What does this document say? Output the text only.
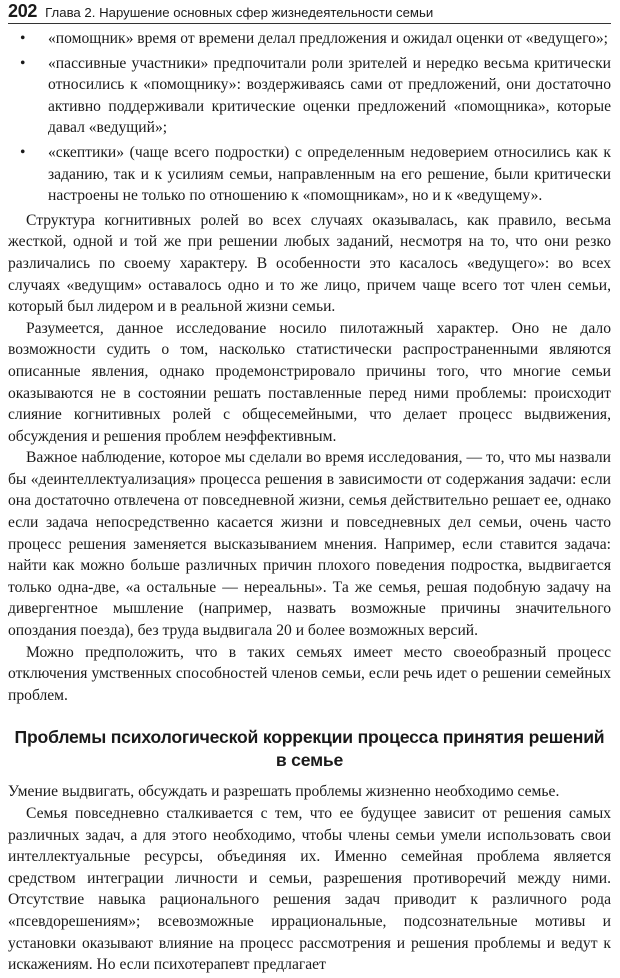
202 Глава 2. Нарушение основных сфер жизнедеятельности семьи
• «помощник» время от времени делал предложения и ожидал оценки от «ведущего»;
• «пассивные участники» предпочитали роли зрителей и нередко весьма критически относились к «помощнику»: воздерживаясь сами от предложений, они достаточно активно поддерживали критические оценки предложений «помощника», которые давал «ведущий»;
• «скептики» (чаще всего подростки) с определенным недоверием относились как к заданию, так и к усилиям семьи, направленным на его решение, были критически настроены не только по отношению к «помощникам», но и к «ведущему».

Структура когнитивных ролей во всех случаях оказывалась, как правило, весьма жесткой, одной и той же при решении любых заданий, несмотря на то, что они резко различались по своему характеру. В особенности это касалось «ведущего»: во всех случаях «ведущим» оставалось одно и то же лицо, причем чаще всего тот член семьи, который был лидером и в реальной жизни семьи.

Разумеется, данное исследование носило пилотажный характер. Оно не дало возможности судить о том, насколько статистически распространенными являются описанные явления, однако продемонстрировало причины того, что многие семьи оказываются не в состоянии решать поставленные перед ними проблемы: происходит слияние когнитивных ролей с общесемейными, что делает процесс выдвижения, обсуждения и решения проблем неэффективным.

Важное наблюдение, которое мы сделали во время исследования, — то, что мы назвали бы «деинтеллектуализация» процесса решения в зависимости от содержания задачи: если она достаточно отвлечена от повседневной жизни, семья действительно решает ее, однако если задача непосредственно касается жизни и повседневных дел семьи, очень часто процесс решения заменяется высказыванием мнения. Например, если ставится задача: найти как можно больше различных причин плохого поведения подростка, выдвигается только одна-две, «а остальные — нереальны». Та же семья, решая подобную задачу на дивергентное мышление (например, назвать возможные причины значительного опоздания поезда), без труда выдвигала 20 и более возможных версий.

Можно предположить, что в таких семьях имеет место своеобразный процесс отключения умственных способностей членов семьи, если речь идет о решении семейных проблем.

Проблемы психологической коррекции процесса принятия решений в семье

Умение выдвигать, обсуждать и разрешать проблемы жизненно необходимо семье.

Семья повседневно сталкивается с тем, что ее будущее зависит от решения самых различных задач, а для этого необходимо, чтобы члены семьи умели использовать свои интеллектуальные ресурсы, объединяя их. Именно семейная проблема является средством интеграции личности и семьи, разрешения противоречий между ними. Отсутствие навыка рационального решения задач приводит к различного рода «псевдорешениям»; всевозможные иррациональные, подсознательные мотивы и установки оказывают влияние на процесс рассмотрения и решения проблемы и ведут к искажениям. Но если психотерапевт предлагает
